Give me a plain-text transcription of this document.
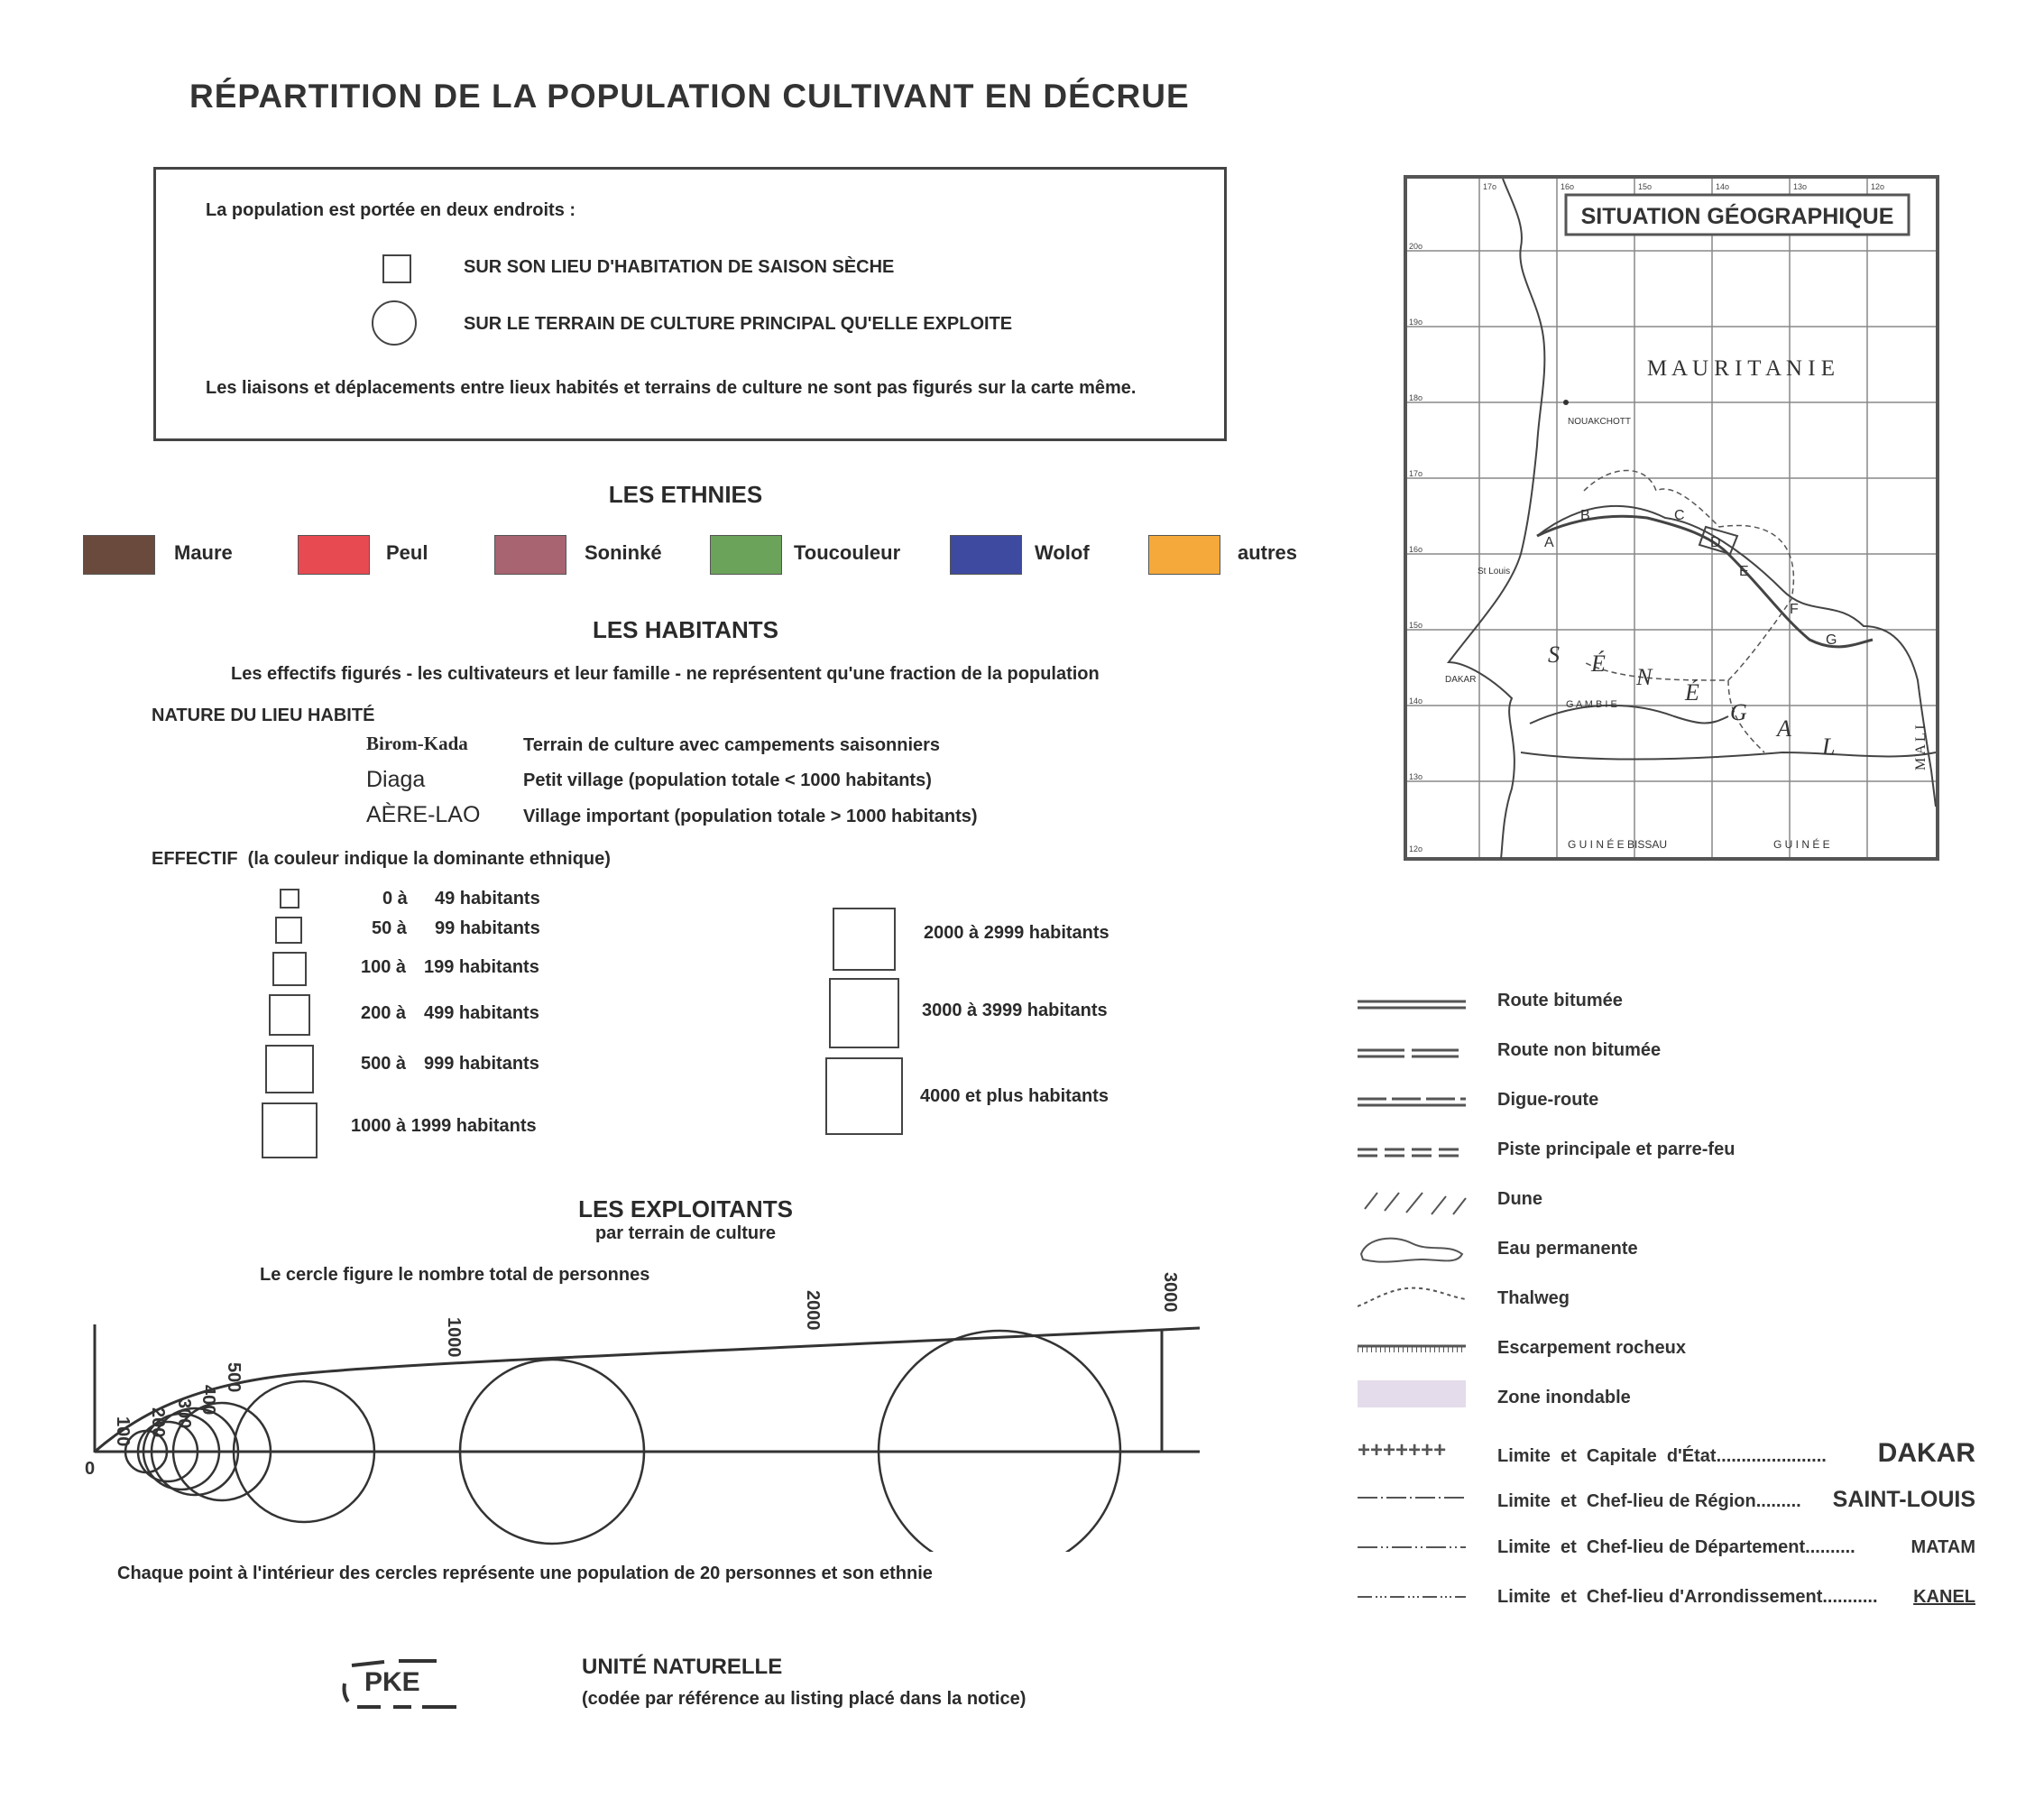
RÉPARTITION DE LA POPULATION CULTIVANT EN DÉCRUE
La population est portée en deux endroits :
SUR SON LIEU D'HABITATION DE SAISON SÈCHE
SUR LE TERRAIN DE CULTURE PRINCIPAL QU'ELLE EXPLOITE
Les liaisons et déplacements entre lieux habités et terrains de culture ne sont pas figurés sur la carte même.
LES ETHNIES
Maure	Peul	Soninké	Toucouleur	Wolof	autres
LES HABITANTS
Les effectifs figurés - les cultivateurs et leur famille - ne représentent qu'une fraction de la population
NATURE DU LIEU HABITÉ
Birom-Kada	Terrain de culture avec campements saisonniers
Diaga	Petit village (population totale < 1000 habitants)
AÈRE-LAO Village important (population totale > 1000 habitants)
EFFECTIF (la couleur indique la dominante ethnique)
0 à 49 habitants
50 à 99 habitants
100 à 199 habitants
200 à 499 habitants
500 à 999 habitants
1000 à 1999 habitants
2000 à 2999 habitants
3000 à 3999 habitants
4000 et plus habitants
LES EXPLOITANTS
par terrain de culture
Le cercle figure le nombre total de personnes
100 200 300 400
500
1000
2000	3000
0
Chaque point à l'intérieur des cercles représente une population de 20 personnes et son ethnie
PKE
UNITÉ NATURELLE
(codée par référence au listing placé dans la notice)
17o	16o	15o	14o	13o	12o
20o
19o
18o
17o
16o
15o
14o
13o
12o
SITUATION GÉOGRAPHIQUE
M A U R I T A N I E
NOUAKCHOTT
St Louis
DAKAR
G A M B I E
G U I N É E BISSAU	G U I N É E
S É
N
É
G
A
L	M A L I
A
B	C
D
E
F
G
+++++++
Route bitumée
Route non bitumée
Digue-route
Piste principale et parre-feu
Dune
Eau permanente
Thalweg
Escarpement rocheux
Zone inondable
Limite  et  Capitale  d'État ......................	DAKAR
Limite  et  Chef-lieu de Région .........	SAINT-LOUIS
Limite  et  Chef-lieu de Département ..........	MATAM
Limite  et  Chef-lieu d'Arrondissement ...........	KANEL
